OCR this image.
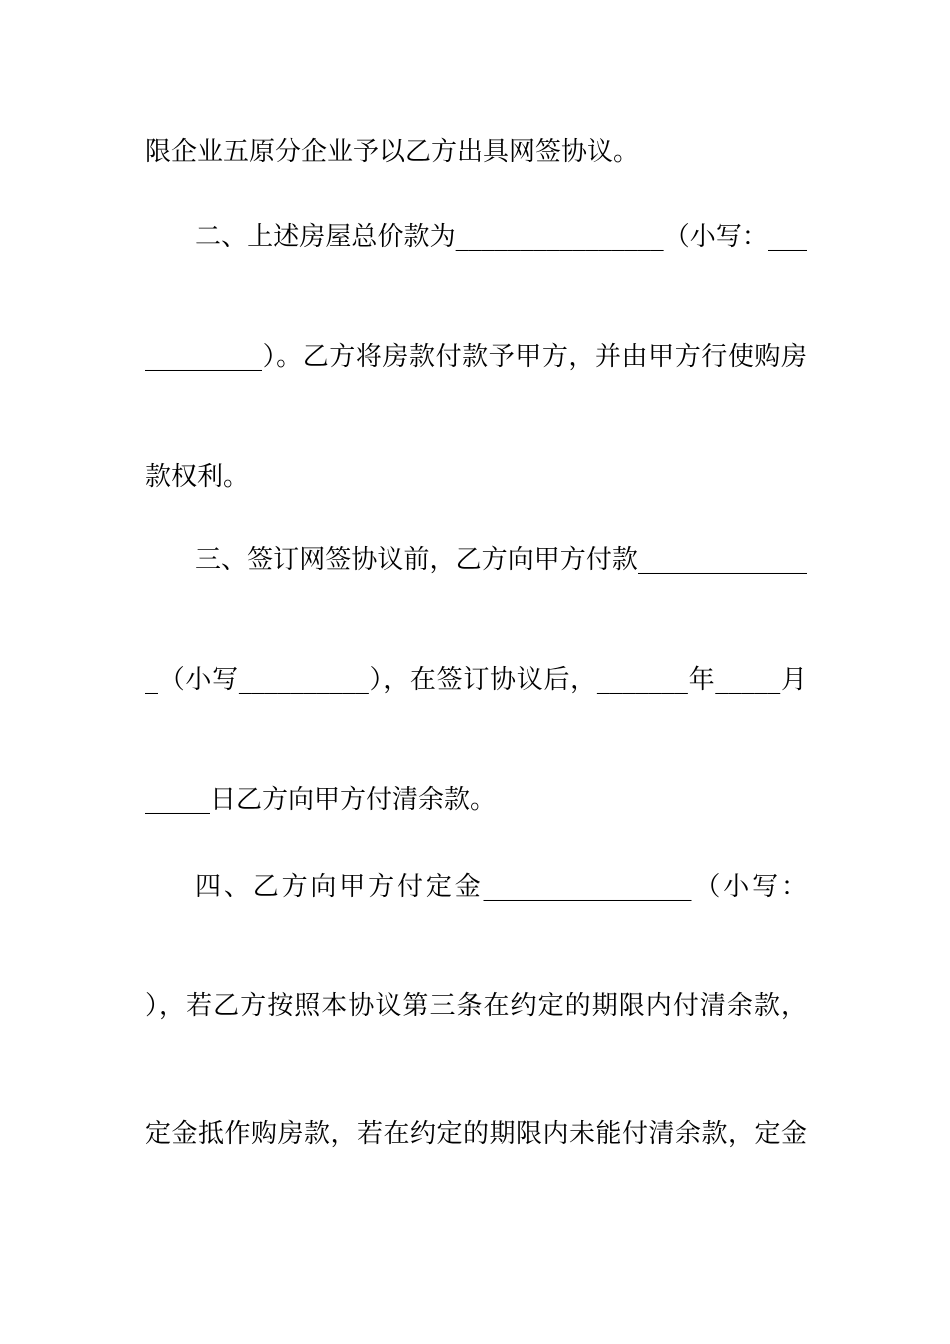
限企业五原分企业予以乙方出具网签协议。
二、上述房屋总价款为________________（小写：___
_________）。乙方将房款付款予甲方，并由甲方行使购房
款权利。
三、签订网签协议前，乙方向甲方付款_____________
_（小写__________），在签订协议后，_______年_____月
_____日乙方向甲方付清余款。
四、乙方向甲方付定金________________（小写：
），若乙方按照本协议第三条在约定的期限内付清余款，
定金抵作购房款，若在约定的期限内未能付清余款，定金
